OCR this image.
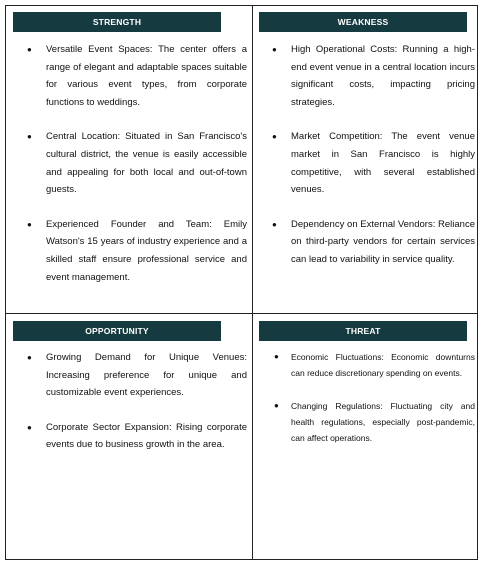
STRENGTH
● Versatile Event Spaces: The center offers a range of elegant and adaptable spaces suitable for various event types, from corporate functions to weddings.
● Central Location: Situated in San Francisco's cultural district, the venue is easily accessible and appealing for both local and out-of-town guests.
● Experienced Founder and Team: Emily Watson's 15 years of industry experience and a skilled staff ensure professional service and event management.
WEAKNESS
● High Operational Costs: Running a high-end event venue in a central location incurs significant costs, impacting pricing strategies.
● Market Competition: The event venue market in San Francisco is highly competitive, with several established venues.
● Dependency on External Vendors: Reliance on third-party vendors for certain services can lead to variability in service quality.
OPPORTUNITY
● Growing Demand for Unique Venues: Increasing preference for unique and customizable event experiences.
● Corporate Sector Expansion: Rising corporate events due to business growth in the area.
THREAT
● Economic Fluctuations: Economic downturns can reduce discretionary spending on events.
● Changing Regulations: Fluctuating city and health regulations, especially post-pandemic, can affect operations.
